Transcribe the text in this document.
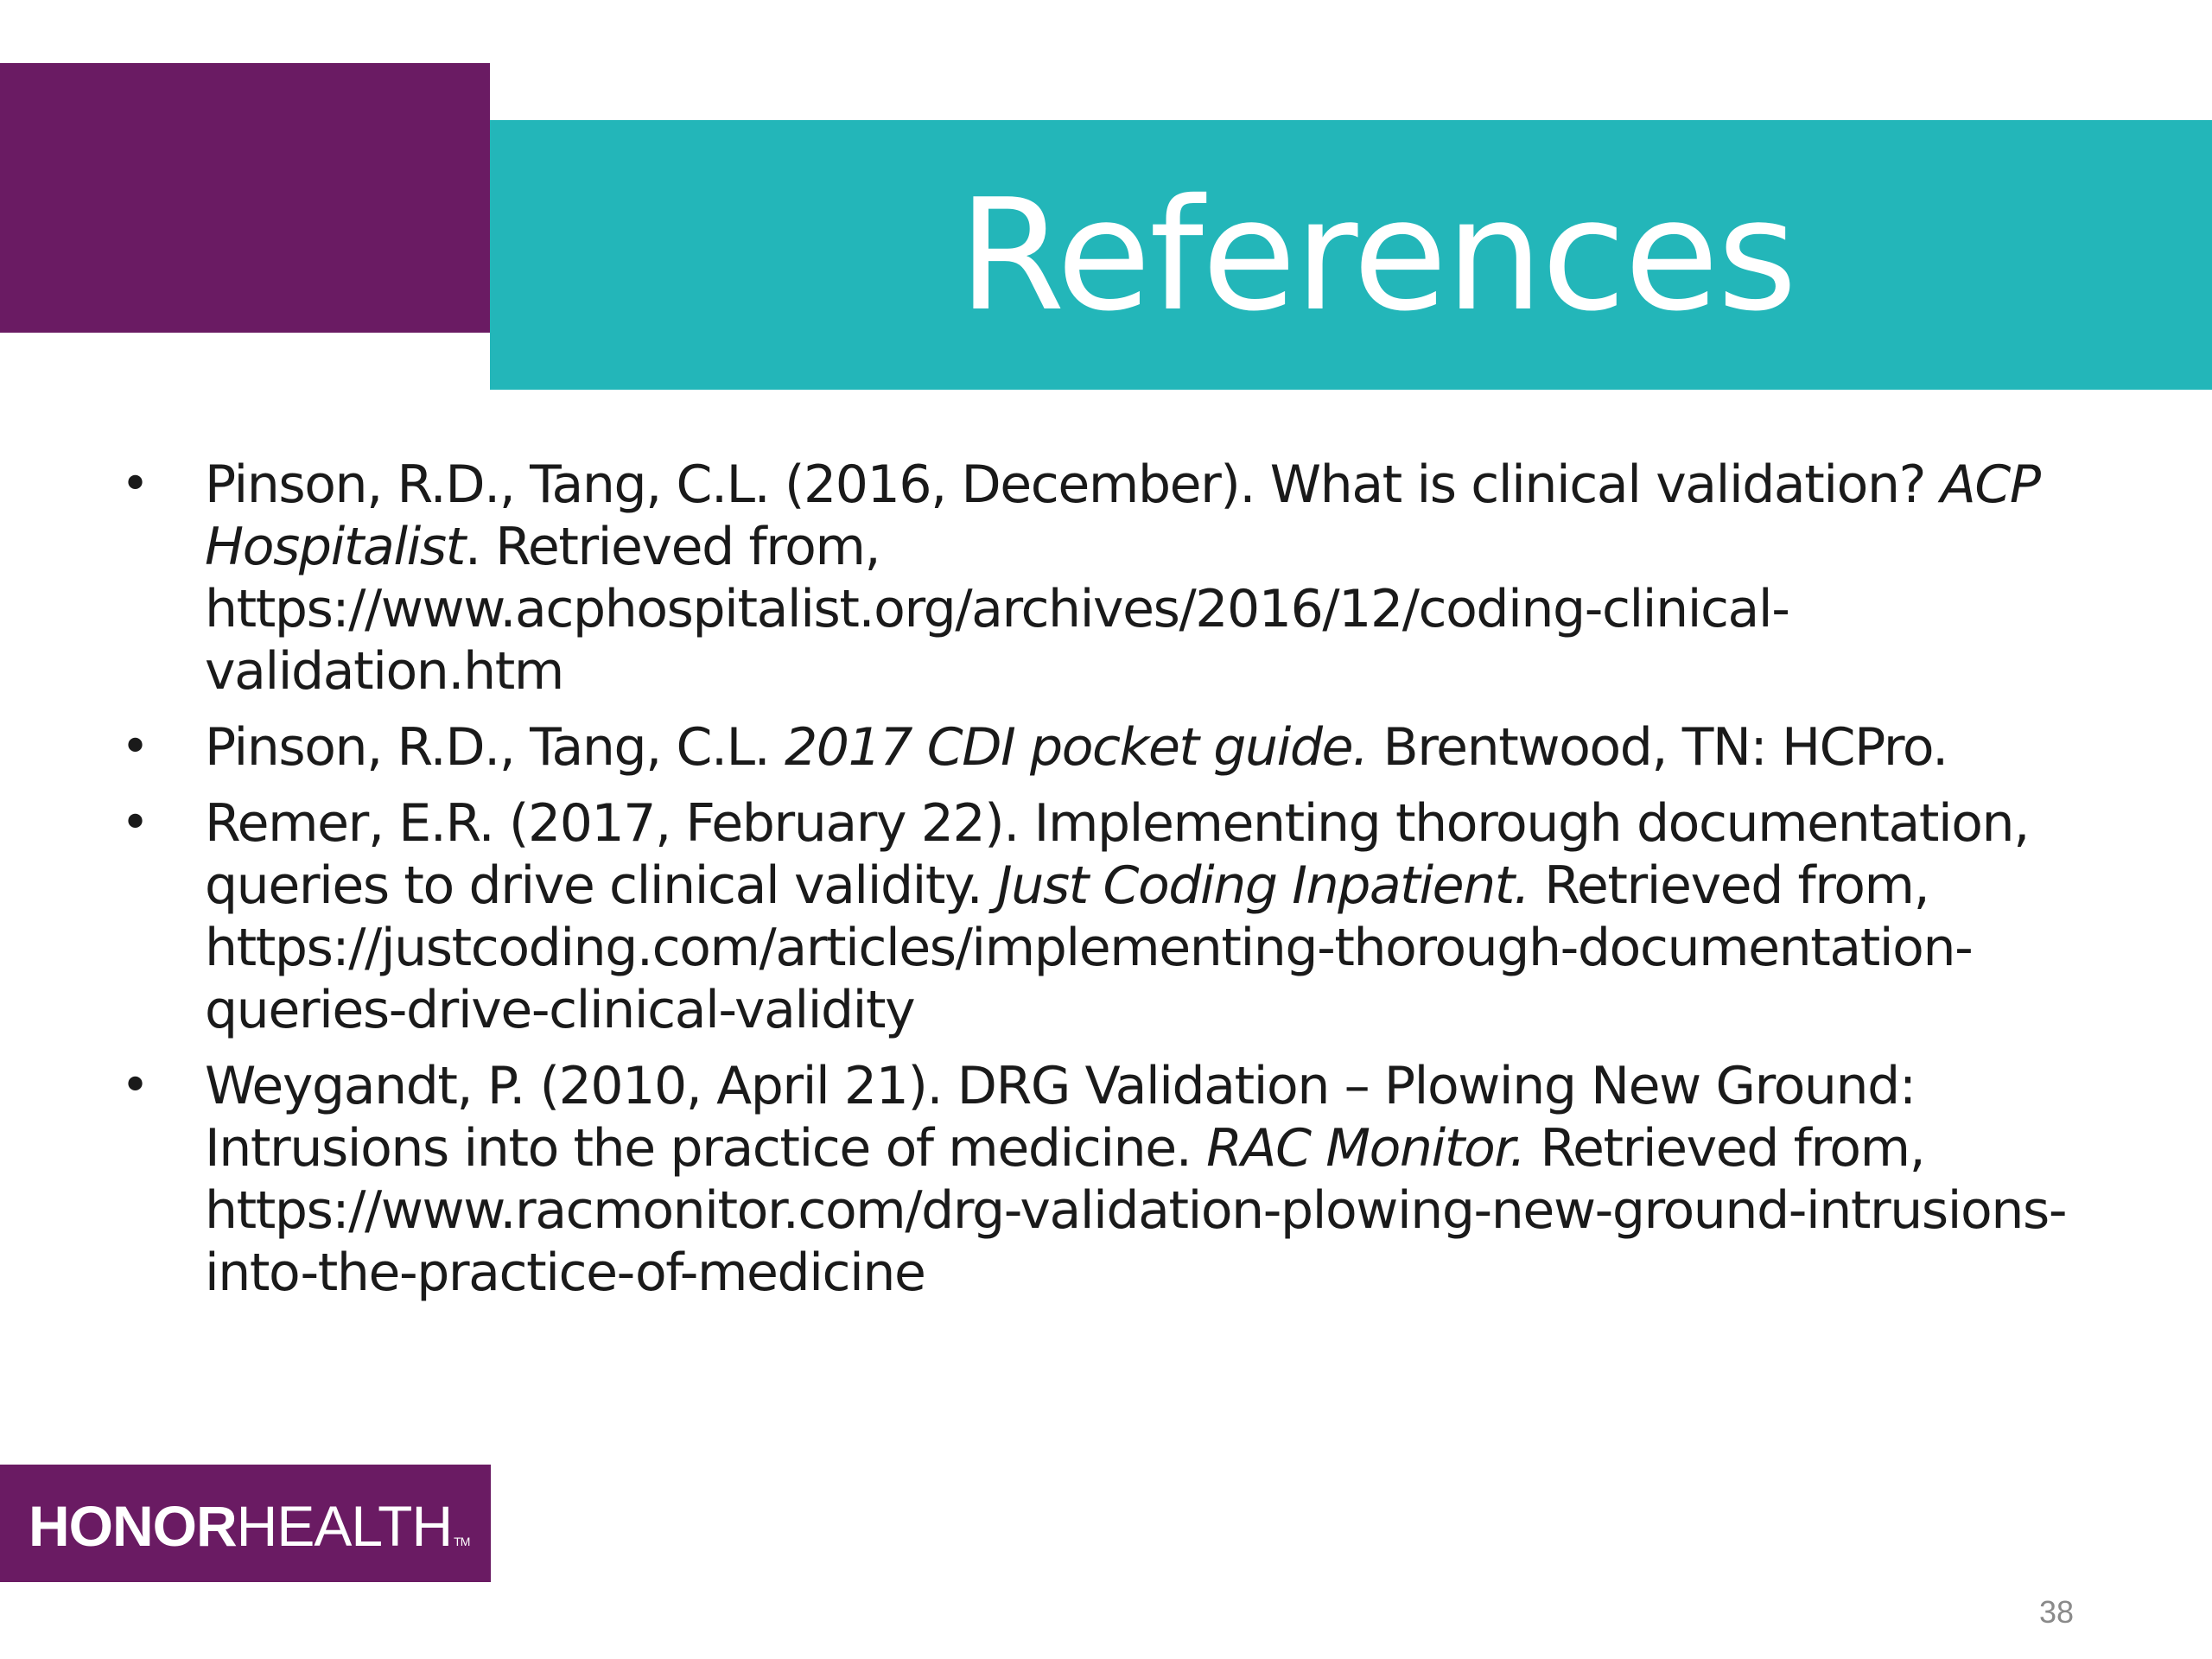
References
• Pinson, R.D., Tang, C.L. (2016, December). What is clinical validation? ACP Hospitalist. Retrieved from, https://www.acphospitalist.org/archives/2016/12/coding-clinical-validation.htm
• Pinson, R.D., Tang, C.L. 2017 CDI pocket guide. Brentwood, TN: HCPro.
• Remer, E.R. (2017, February 22). Implementing thorough documentation, queries to drive clinical validity. Just Coding Inpatient. Retrieved from, https://justcoding.com/articles/implementing-thorough-documentation-queries-drive-clinical-validity
• Weygandt, P. (2010, April 21). DRG Validation – Plowing New Ground: Intrusions into the practice of medicine. RAC Monitor. Retrieved from, https://www.racmonitor.com/drg-validation-plowing-new-ground-intrusions-into-the-practice-of-medicine
HONORHEALTH TM
38
